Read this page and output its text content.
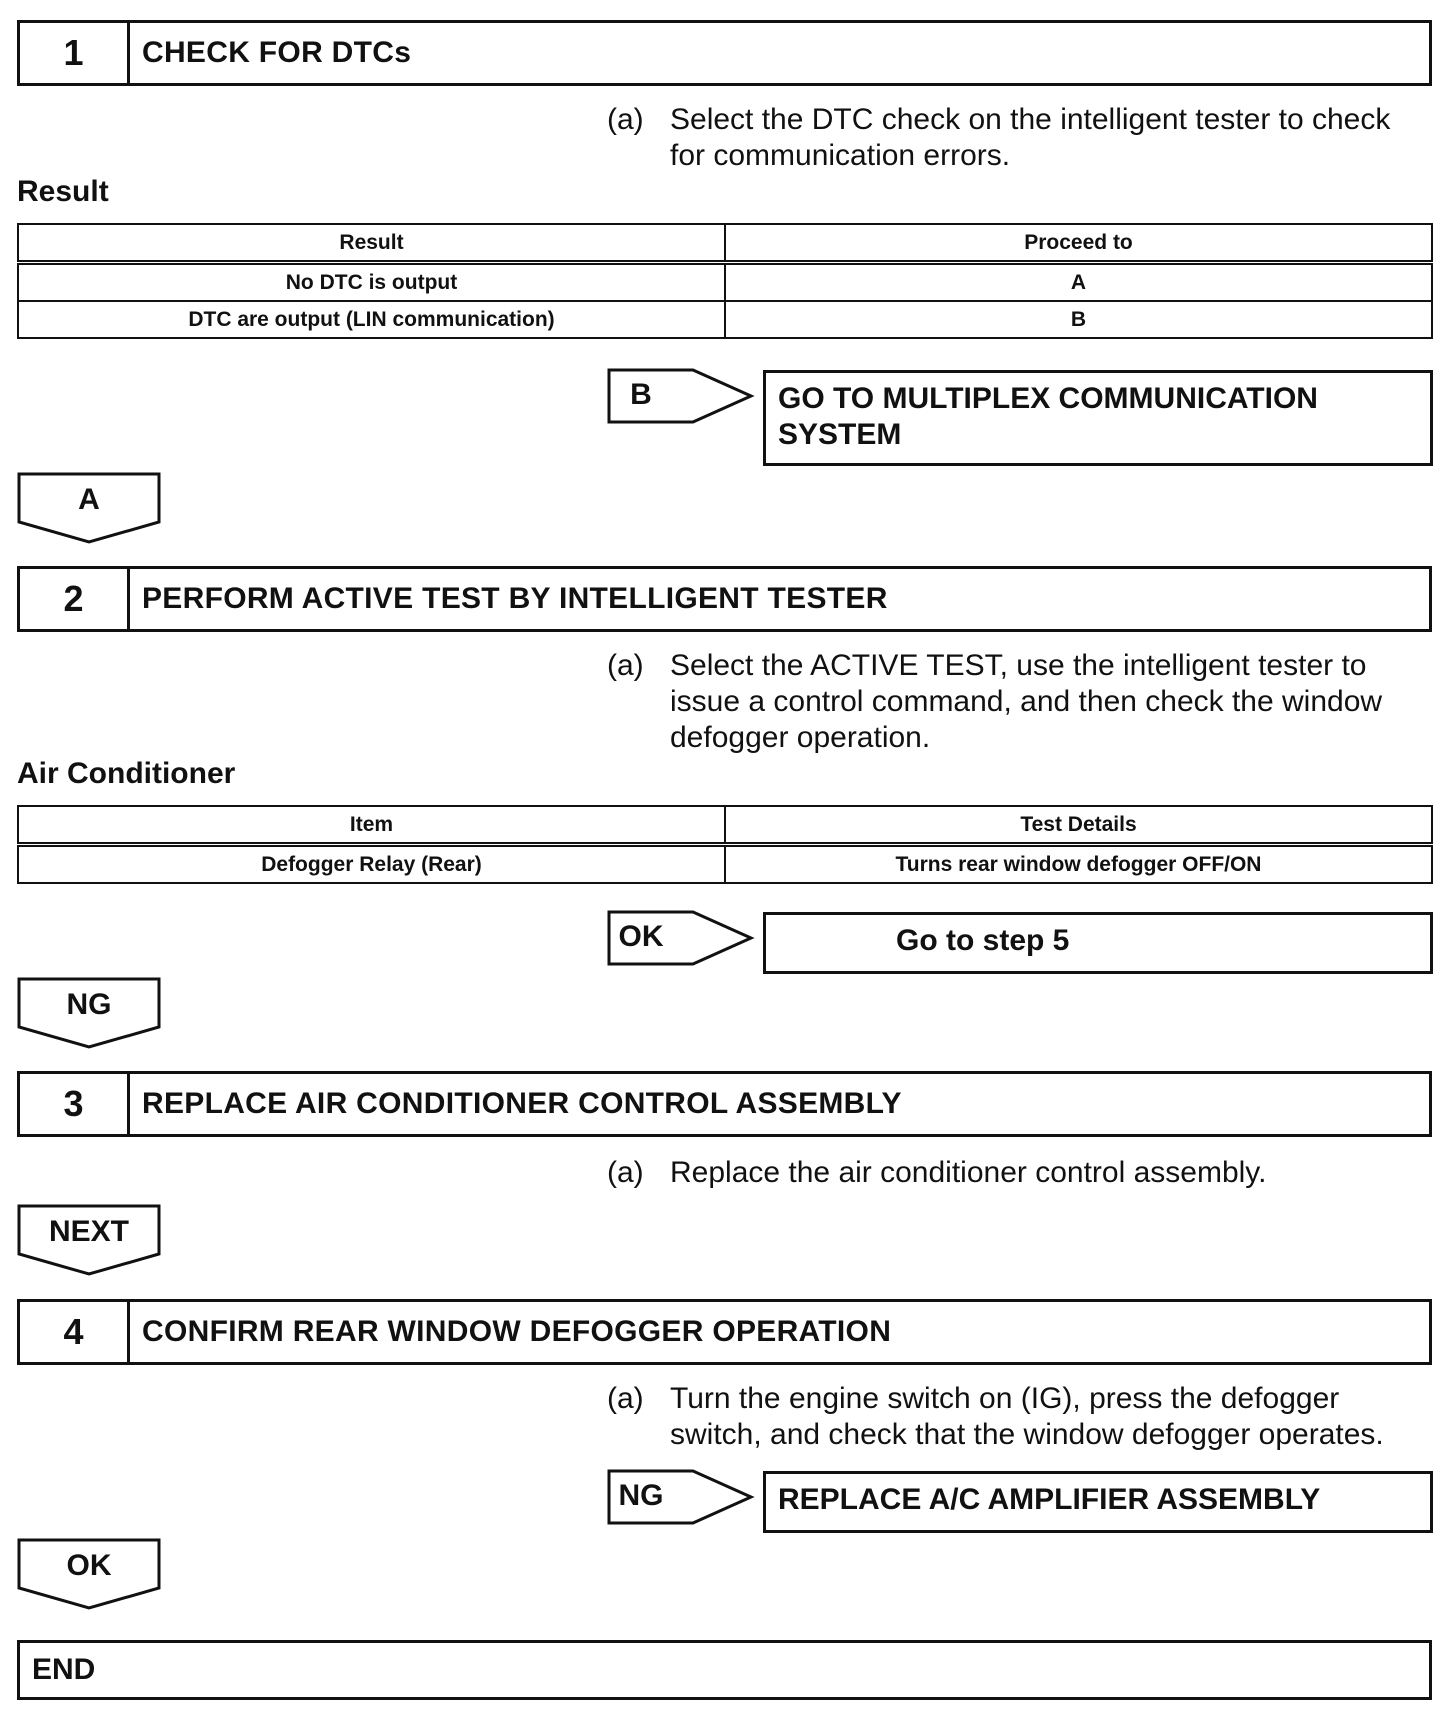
1	CHECK FOR DTCs
(a) Select the DTC check on the intelligent tester to check for communication errors.
Result
Result	Proceed to
No DTC is output	A
DTC are output (LIN communication)	B
B	GO TO MULTIPLEX COMMUNICATION SYSTEM
A
2	PERFORM ACTIVE TEST BY INTELLIGENT TESTER
(a) Select the ACTIVE TEST, use the intelligent tester to issue a control command, and then check the window defogger operation.
Air Conditioner
Item	Test Details
Defogger Relay (Rear)	Turns rear window defogger OFF/ON
OK	Go to step 5
NG
3	REPLACE AIR CONDITIONER CONTROL ASSEMBLY
(a) Replace the air conditioner control assembly.
NEXT
4	CONFIRM REAR WINDOW DEFOGGER OPERATION
(a) Turn the engine switch on (IG), press the defogger switch, and check that the window defogger operates.
NG	REPLACE A/C AMPLIFIER ASSEMBLY
OK
END
